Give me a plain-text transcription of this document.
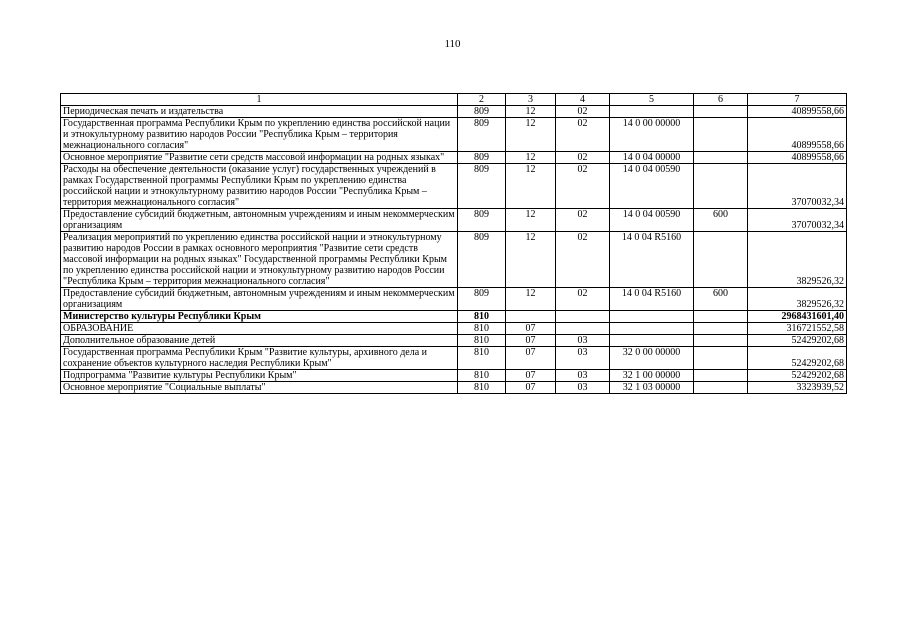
110
1	2	3	4	5	6	7
Периодическая печать и издательства	809	12	02			40899558,66
Государственная программа Республики Крым по укреплению единства российской нации и этнокультурному развитию народов России "Республика Крым – территория межнационального согласия"	809	12	02	14 0 00 00000		40899558,66
Основное мероприятие "Развитие сети средств массовой информации на родных языках"	809	12	02	14 0 04 00000		40899558,66
Расходы на обеспечение деятельности (оказание услуг) государственных учреждений в рамках Государственной программы Республики Крым по укреплению единства российской нации и этнокультурному развитию народов России "Республика Крым – территория межнационального согласия"	809	12	02	14 0 04 00590		37070032,34
Предоставление субсидий бюджетным, автономным учреждениям и иным некоммерческим организациям	809	12	02	14 0 04 00590	600	37070032,34
Реализация мероприятий по укреплению единства российской нации и этнокультурному развитию народов России в рамках основного мероприятия "Развитие сети средств массовой информации на родных языках" Государственной программы Республики Крым по укреплению единства российской нации и этнокультурному развитию народов России "Республика Крым – территория межнационального согласия"	809	12	02	14 0 04 R5160		3829526,32
Предоставление субсидий бюджетным, автономным учреждениям и иным некоммерческим организациям	809	12	02	14 0 04 R5160	600	3829526,32
Министерство культуры Республики Крым	810					2968431601,40
ОБРАЗОВАНИЕ	810	07				316721552,58
Дополнительное образование детей	810	07	03			52429202,68
Государственная программа Республики Крым "Развитие культуры, архивного дела и сохранение объектов культурного наследия Республики Крым"	810	07	03	32 0 00 00000		52429202,68
Подпрограмма "Развитие культуры Республики Крым"	810	07	03	32 1 00 00000		52429202,68
Основное мероприятие "Социальные выплаты"	810	07	03	32 1 03 00000		3323939,52
